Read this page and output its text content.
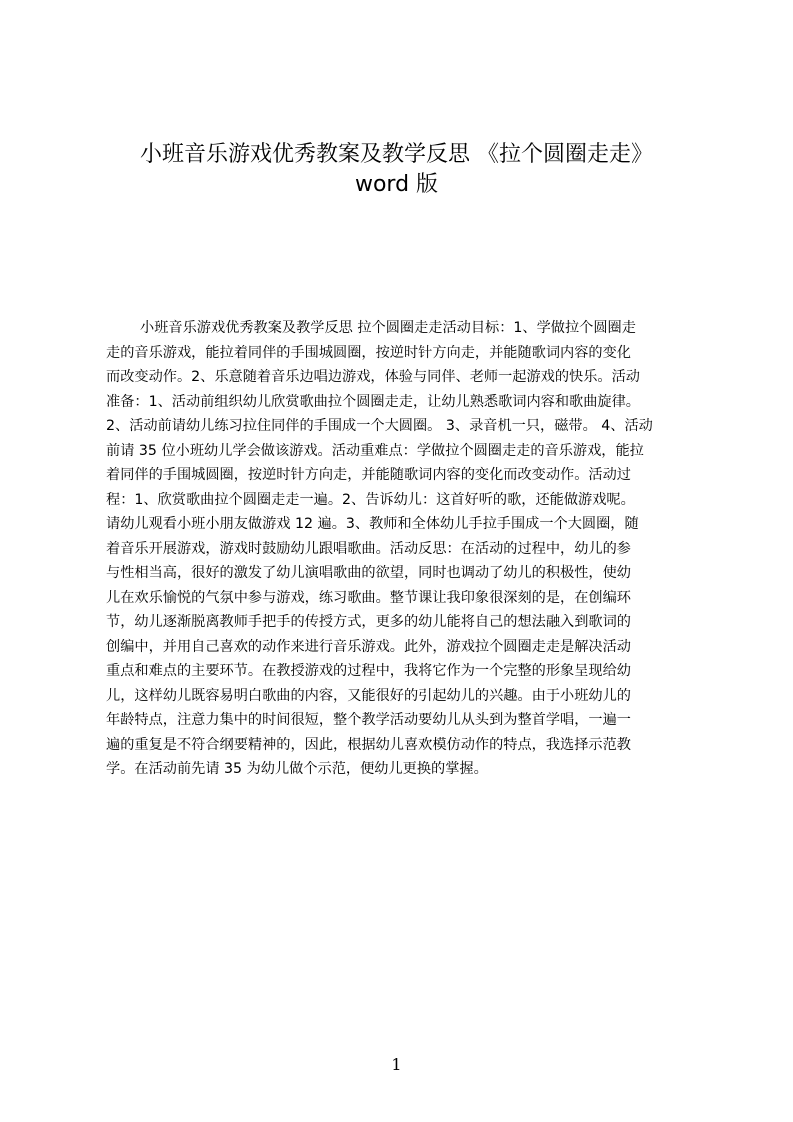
小班音乐游戏优秀教案及教学反思 《拉个圆圈走走》
word 版
小班音乐游戏优秀教案及教学反思 拉个圆圈走走活动目标：1、学做拉个圆圈走
走的音乐游戏，能拉着同伴的手围城圆圈，按逆时针方向走，并能随歌词内容的变化
而改变动作。2、乐意随着音乐边唱边游戏，体验与同伴、老师一起游戏的快乐。活动
准备：1、活动前组织幼儿欣赏歌曲拉个圆圈走走，让幼儿熟悉歌词内容和歌曲旋律。
2、活动前请幼儿练习拉住同伴的手围成一个大圆圈。 3、录音机一只，磁带。 4、活动
前请 35 位小班幼儿学会做该游戏。活动重难点：学做拉个圆圈走走的音乐游戏，能拉
着同伴的手围城圆圈，按逆时针方向走，并能随歌词内容的变化而改变动作。活动过
程：1、欣赏歌曲拉个圆圈走走一遍。2、告诉幼儿：这首好听的歌，还能做游戏呢。
请幼儿观看小班小朋友做游戏 12 遍。3、教师和全体幼儿手拉手围成一个大圆圈，随
着音乐开展游戏，游戏时鼓励幼儿跟唱歌曲。活动反思：在活动的过程中，幼儿的参
与性相当高，很好的激发了幼儿演唱歌曲的欲望，同时也调动了幼儿的积极性，使幼
儿在欢乐愉悦的气氛中参与游戏，练习歌曲。整节课让我印象很深刻的是，在创编环
节，幼儿逐渐脱离教师手把手的传授方式，更多的幼儿能将自己的想法融入到歌词的
创编中，并用自己喜欢的动作来进行音乐游戏。此外，游戏拉个圆圈走走是解决活动
重点和难点的主要环节。在教授游戏的过程中，我将它作为一个完整的形象呈现给幼
儿，这样幼儿既容易明白歌曲的内容，又能很好的引起幼儿的兴趣。由于小班幼儿的
年龄特点，注意力集中的时间很短，整个教学活动要幼儿从头到为整首学唱，一遍一
遍的重复是不符合纲要精神的，因此，根据幼儿喜欢模仿动作的特点，我选择示范教
学。在活动前先请 35 为幼儿做个示范，便幼儿更换的掌握。
1
